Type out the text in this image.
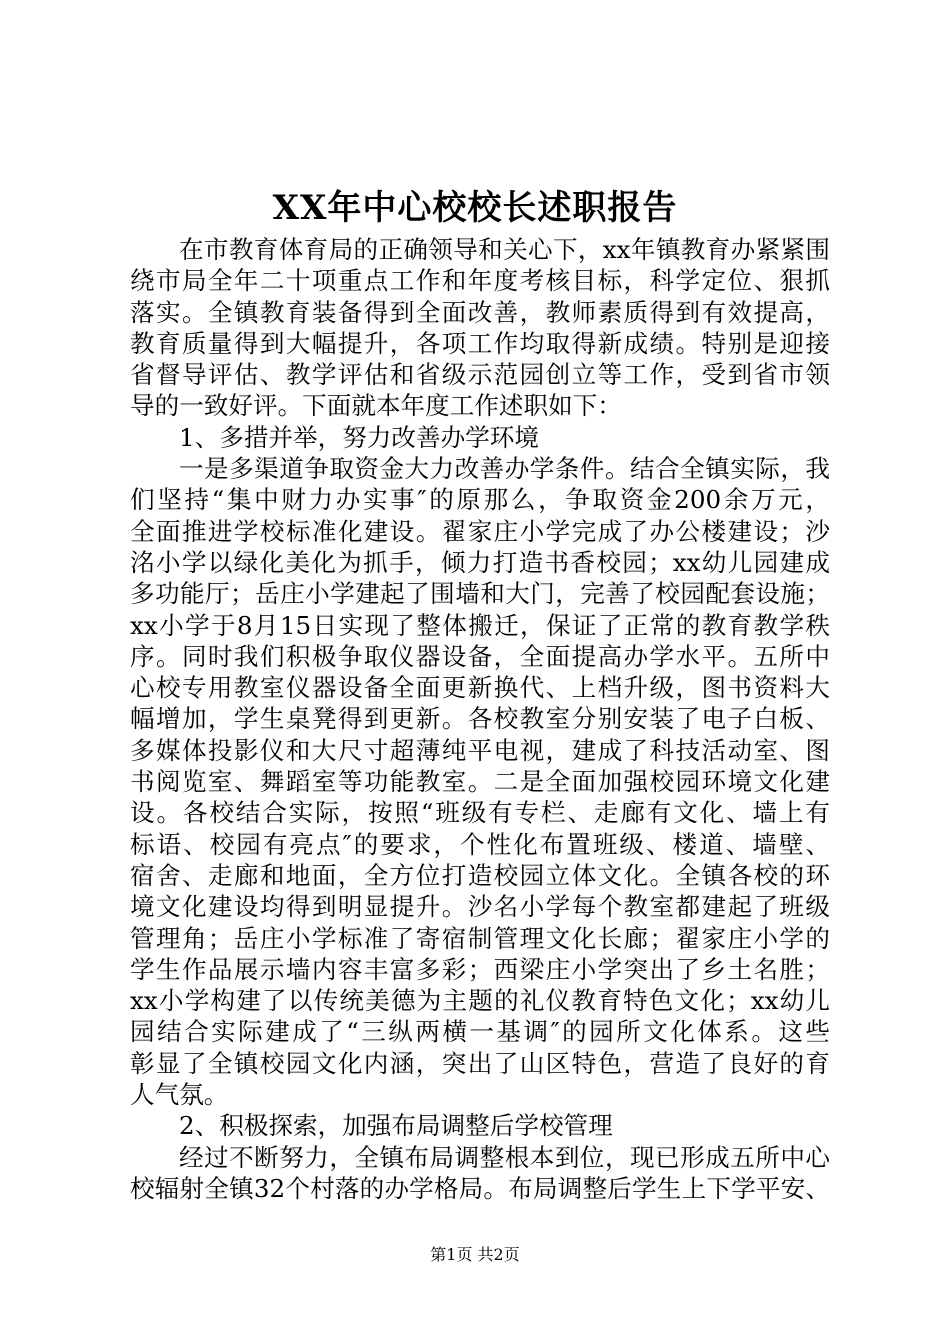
XX年中心校校长述职报告
在市教育体育局的正确领导和关心下，xx年镇教育办紧紧围
绕市局全年二十项重点工作和年度考核目标，科学定位、狠抓
落实。全镇教育装备得到全面改善，教师素质得到有效提高，
教育质量得到大幅提升，各项工作均取得新成绩。特别是迎接
省督导评估、教学评估和省级示范园创立等工作，受到省市领
导的一致好评。下面就本年度工作述职如下：
1、多措并举，努力改善办学环境
一是多渠道争取资金大力改善办学条件。结合全镇实际，我
们坚持“集中财力办实事″的原那么，争取资金200余万元，
全面推进学校标准化建设。翟家庄小学完成了办公楼建设；沙
洺小学以绿化美化为抓手，倾力打造书香校园；xx幼儿园建成
多功能厅；岳庄小学建起了围墙和大门，完善了校园配套设施；
xx小学于8月15日实现了整体搬迁，保证了正常的教育教学秩
序。同时我们积极争取仪器设备，全面提高办学水平。五所中
心校专用教室仪器设备全面更新换代、上档升级，图书资料大
幅增加，学生桌凳得到更新。各校教室分别安装了电子白板、
多媒体投影仪和大尺寸超薄纯平电视，建成了科技活动室、图
书阅览室、舞蹈室等功能教室。二是全面加强校园环境文化建
设。各校结合实际，按照“班级有专栏、走廊有文化、墙上有
标语、校园有亮点″的要求，个性化布置班级、楼道、墙壁、
宿舍、走廊和地面，全方位打造校园立体文化。全镇各校的环
境文化建设均得到明显提升。沙名小学每个教室都建起了班级
管理角；岳庄小学标准了寄宿制管理文化长廊；翟家庄小学的
学生作品展示墙内容丰富多彩；西梁庄小学突出了乡土名胜；
xx小学构建了以传统美德为主题的礼仪教育特色文化；xx幼儿
园结合实际建成了“三纵两横一基调″的园所文化体系。这些
彰显了全镇校园文化内涵，突出了山区特色，营造了良好的育
人气氛。
2、积极探索，加强布局调整后学校管理
经过不断努力，全镇布局调整根本到位，现已形成五所中心
校辐射全镇32个村落的办学格局。布局调整后学生上下学平安、
第1页 共2页
